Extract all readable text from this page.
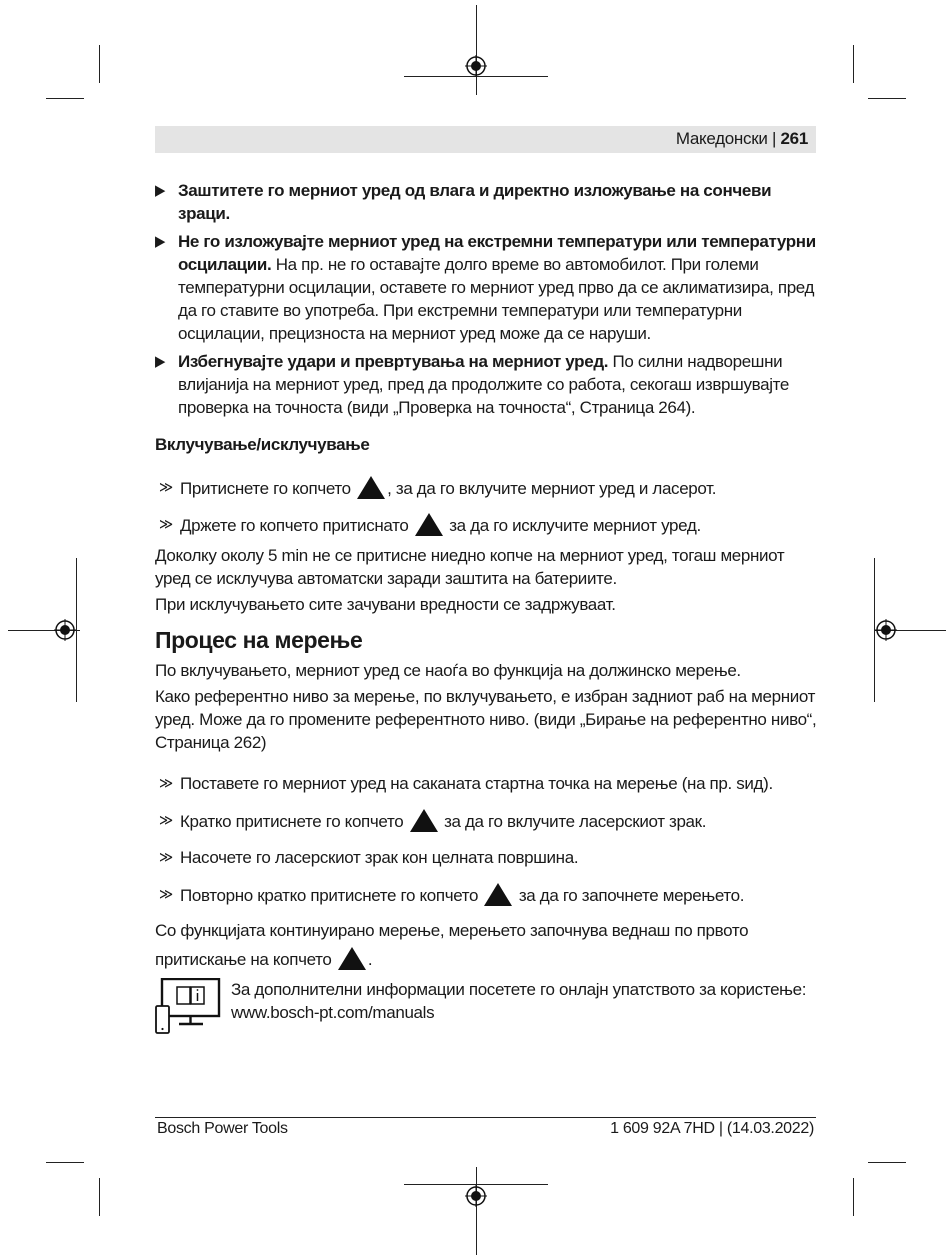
Македонски | 261
▶ Заштитете го мерниот уред од влага и директно изложување на сончеви зраци.
▶ Не го изложувајте мерниот уред на екстремни температури или температурни осцилации. На пр. не го оставајте долго време во автомобилот. При големи температурни осцилации, оставете го мерниот уред прво да се аклиматизира, пред да го ставите во употреба. При екстремни температури или температурни осцилации, прецизноста на мерниот уред може да се наруши.
▶ Избегнувајте удари и превртувања на мерниот уред. По силни надворешни влијанија на мерниот уред, пред да продолжите со работа, секогаш извршувајте проверка на точноста (види „Проверка на точноста“, Страница 264).
Вклучување/исклучување
≫ Притиснете го копчето , за да го вклучите мерниот уред и ласерот.
≫ Држете го копчето притиснато за да го исклучите мерниот уред.
Доколку околу 5 min не се притисне ниедно копче на мерниот уред, тогаш мерниот уред се исклучува автоматски заради заштита на батериите.
При исклучувањето сите зачувани вредности се задржуваат.
Процес на мерење
По вклучувањето, мерниот уред се наоѓа во функција на должинско мерење.
Како референтно ниво за мерење, по вклучувањето, е избран задниот раб на мерниот уред. Може да го промените референтното ниво. (види „Бирање на референтно ниво“, Страница 262)
≫ Поставете го мерниот уред на саканата стартна точка на мерење (на пр. ѕид).
≫ Кратко притиснете го копчето за да го вклучите ласерскиот зрак.
≫ Насочете го ласерскиот зрак кон целната површина.
≫ Повторно кратко притиснете го копчето за да го започнете мерењето.
Со функцијата континуирано мерење, мерењето започнува веднаш по првото
притискање на копчето .
За дополнителни информации посетете го онлајн упатството за користење:
www.bosch-pt.com/manuals
Bosch Power Tools	1 609 92A 7HD | (14.03.2022)
